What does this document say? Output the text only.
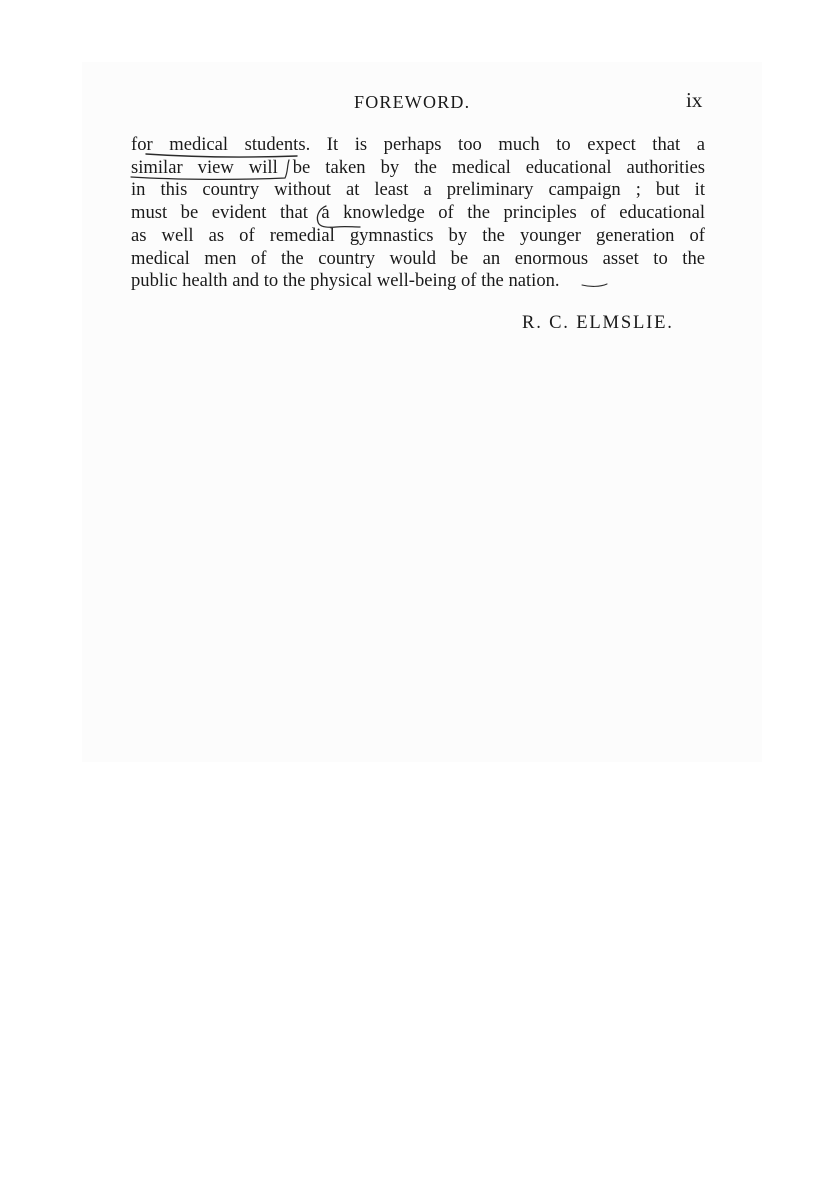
FOREWORD.	ix
for medical students. It is perhaps too much to expect that a
similar view will be taken by the medical educational authorities
in this country without at least a preliminary campaign ; but it
must be evident that a knowledge of the principles of educational
as well as of remedial gymnastics by the younger generation of
medical men of the country would be an enormous asset to the
public health and to the physical well-being of the nation.
R. C. ELMSLIE.
